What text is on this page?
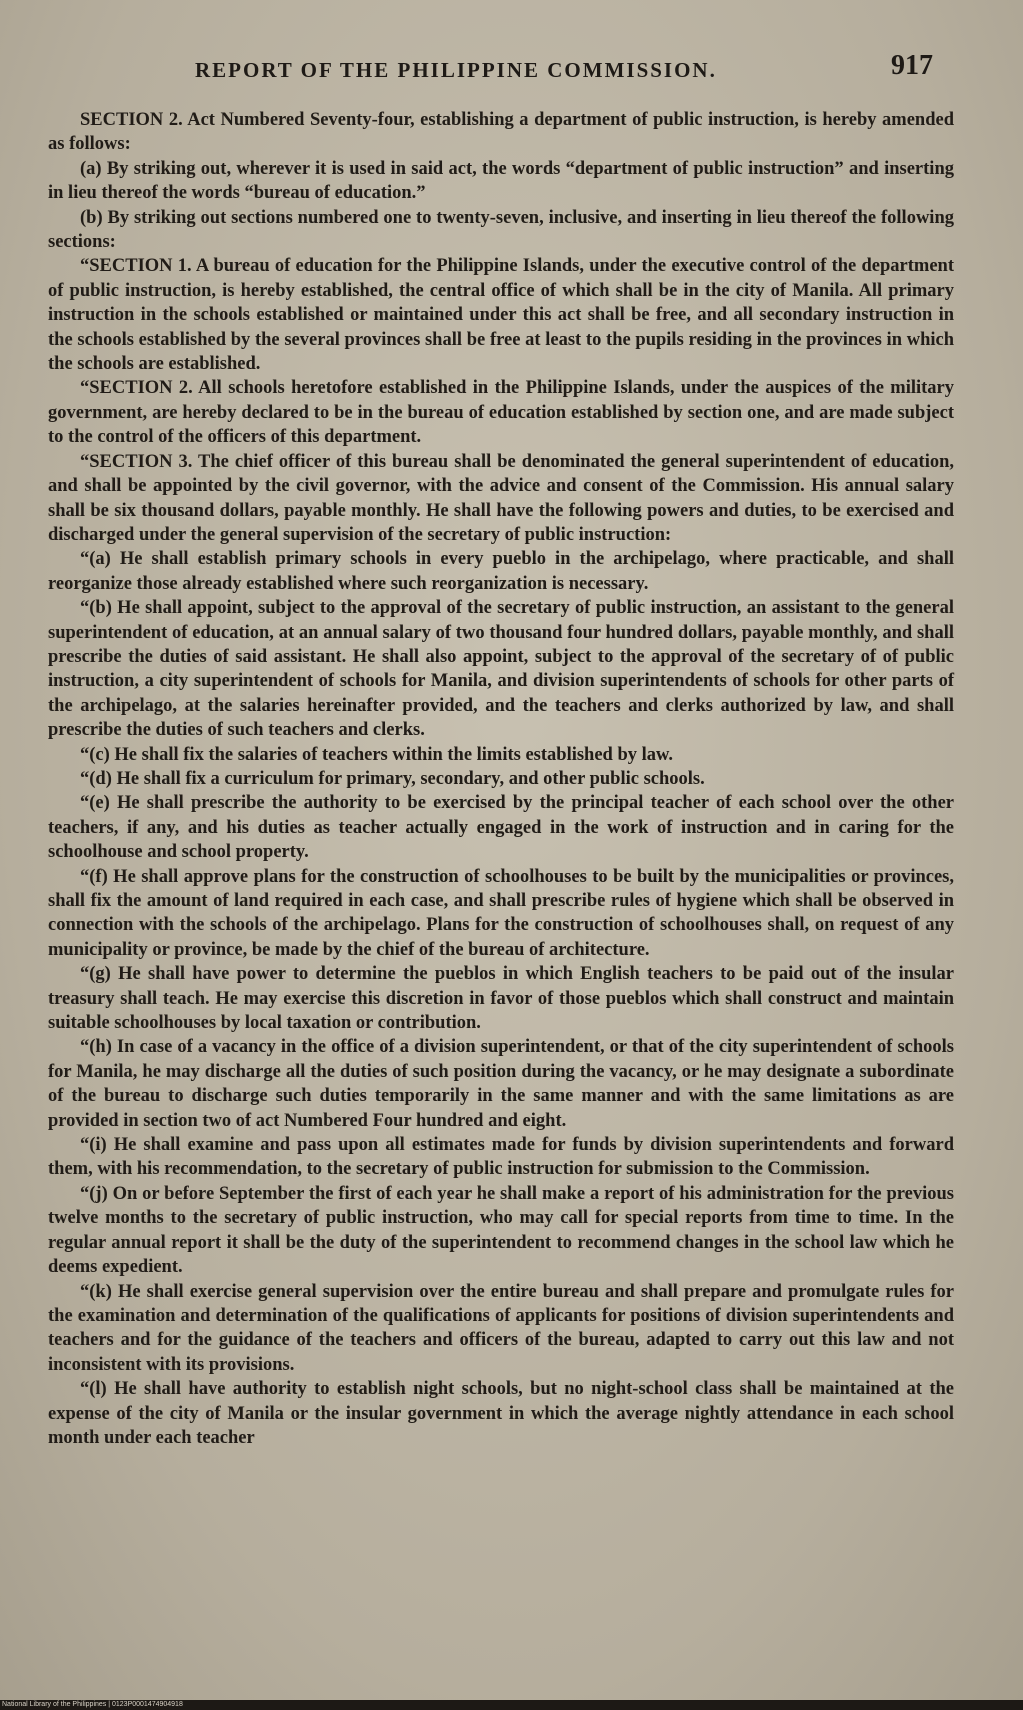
REPORT OF THE PHILIPPINE COMMISSION.	917

SECTION 2. Act Numbered Seventy-four, establishing a department of public instruction, is hereby amended as follows:

(a) By striking out, wherever it is used in said act, the words “department of public instruction” and inserting in lieu thereof the words “bureau of education.”

(b) By striking out sections numbered one to twenty-seven, inclusive, and inserting in lieu thereof the following sections:

“SECTION 1. A bureau of education for the Philippine Islands, under the executive control of the department of public instruction, is hereby established, the central office of which shall be in the city of Manila. All primary instruction in the schools established or maintained under this act shall be free, and all secondary instruction in the schools established by the several provinces shall be free at least to the pupils residing in the provinces in which the schools are established.

“SECTION 2. All schools heretofore established in the Philippine Islands, under the auspices of the military government, are hereby declared to be in the bureau of education established by section one, and are made subject to the control of the officers of this department.

“SECTION 3. The chief officer of this bureau shall be denominated the general superintendent of education, and shall be appointed by the civil governor, with the advice and consent of the Commission. His annual salary shall be six thousand dollars, payable monthly. He shall have the following powers and duties, to be exercised and discharged under the general supervision of the secretary of public instruction:

“(a) He shall establish primary schools in every pueblo in the archipelago, where practicable, and shall reorganize those already established where such reorganization is necessary.

“(b) He shall appoint, subject to the approval of the secretary of public instruction, an assistant to the general superintendent of education, at an annual salary of two thousand four hundred dollars, payable monthly, and shall prescribe the duties of said assistant. He shall also appoint, subject to the approval of the secretary of of public instruction, a city superintendent of schools for Manila, and division superintendents of schools for other parts of the archipelago, at the salaries hereinafter provided, and the teachers and clerks authorized by law, and shall prescribe the duties of such teachers and clerks.

“(c) He shall fix the salaries of teachers within the limits established by law.

“(d) He shall fix a curriculum for primary, secondary, and other public schools.

“(e) He shall prescribe the authority to be exercised by the principal teacher of each school over the other teachers, if any, and his duties as teacher actually engaged in the work of instruction and in caring for the schoolhouse and school property.

“(f) He shall approve plans for the construction of schoolhouses to be built by the municipalities or provinces, shall fix the amount of land required in each case, and shall prescribe rules of hygiene which shall be observed in connection with the schools of the archipelago. Plans for the construction of schoolhouses shall, on request of any municipality or province, be made by the chief of the bureau of architecture.

“(g) He shall have power to determine the pueblos in which English teachers to be paid out of the insular treasury shall teach. He may exercise this discretion in favor of those pueblos which shall construct and maintain suitable schoolhouses by local taxation or contribution.

“(h) In case of a vacancy in the office of a division superintendent, or that of the city superintendent of schools for Manila, he may discharge all the duties of such position during the vacancy, or he may designate a subordinate of the bureau to discharge such duties temporarily in the same manner and with the same limitations as are provided in section two of act Numbered Four hundred and eight.

“(i) He shall examine and pass upon all estimates made for funds by division superintendents and forward them, with his recommendation, to the secretary of public instruction for submission to the Commission.

“(j) On or before September the first of each year he shall make a report of his administration for the previous twelve months to the secretary of public instruction, who may call for special reports from time to time. In the regular annual report it shall be the duty of the superintendent to recommend changes in the school law which he deems expedient.

“(k) He shall exercise general supervision over the entire bureau and shall prepare and promulgate rules for the examination and determination of the qualifications of applicants for positions of division superintendents and teachers and for the guidance of the teachers and officers of the bureau, adapted to carry out this law and not inconsistent with its provisions.

“(l) He shall have authority to establish night schools, but no night-school class shall be maintained at the expense of the city of Manila or the insular government in which the average nightly attendance in each school month under each teacher

National Library of the Philippines | 0123P0001474904918
